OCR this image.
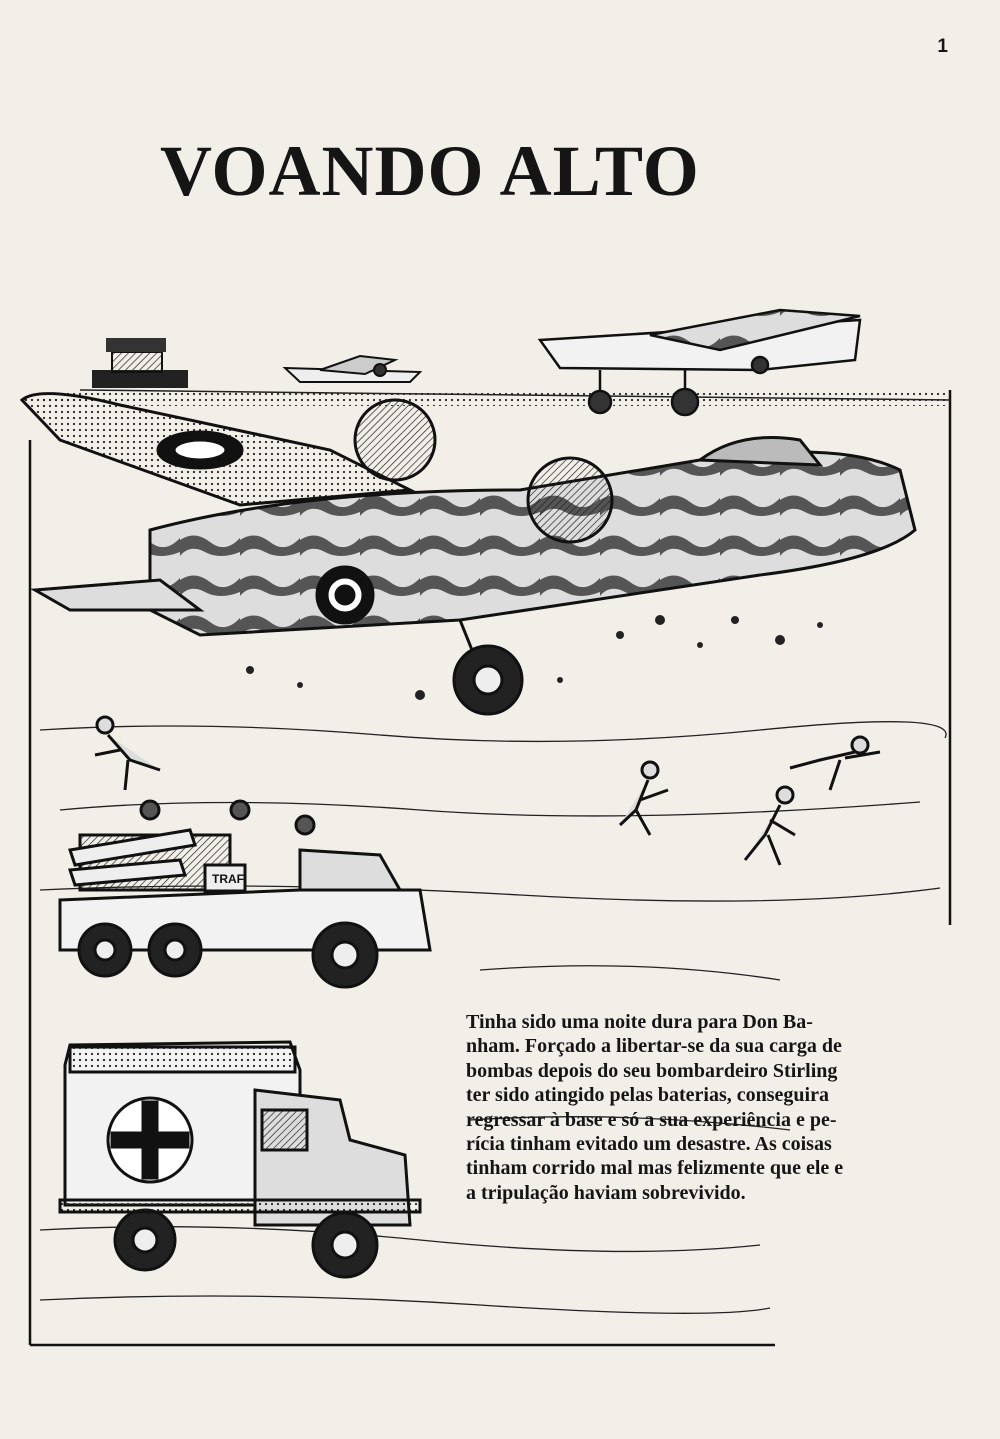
1
VOANDO ALTO
TRAF

Tinha sido uma noite dura para Don Ba-
nham. Forçado a libertar-se da sua carga de
bombas depois do seu bombardeiro Stirling
ter sido atingido pelas baterias, conseguira
regressar à base e só a sua experiência e pe-
rícia tinham evitado um desastre. As coisas
tinham corrido mal mas felizmente que ele e
a tripulação haviam sobrevivido.
